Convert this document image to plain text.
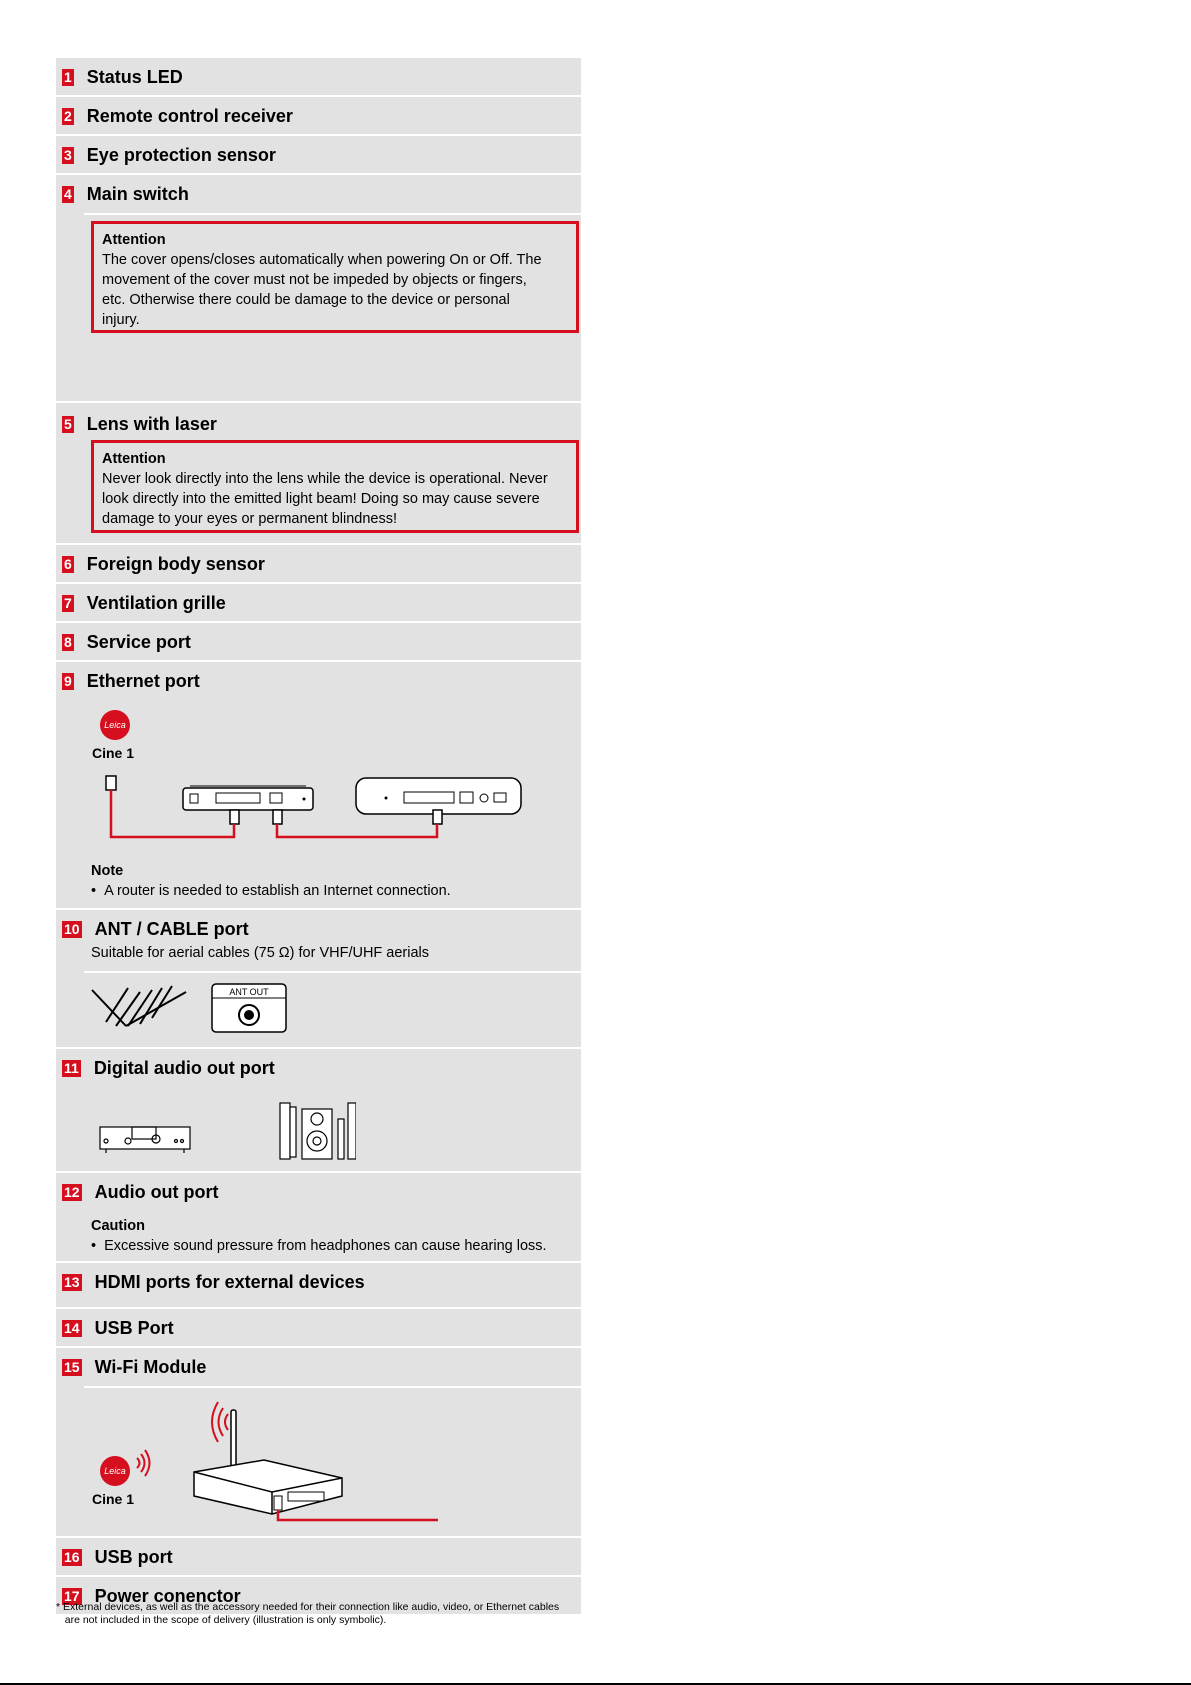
1 Status LED
2 Remote control receiver
3 Eye protection sensor
4 Main switch
Attention
The cover opens/closes automatically when powering On or Off. The
movement of the cover must not be impeded by objects or fingers,
etc. Otherwise there could be damage to the device or personal
injury.
5 Lens with laser
Attention
Never look directly into the lens while the device is operational. Never
look directly into the emitted light beam! Doing so may cause severe
damage to your eyes or permanent blindness!
6 Foreign body sensor
7 Ventilation grille
8 Service port
9 Ethernet port
Leica
Cine 1
Note
• A router is needed to establish an Internet connection.
10 ANT / CABLE port
Suitable for aerial cables (75 Ω) for VHF/UHF aerials
ANT OUT
11 Digital audio out port
12 Audio out port
Caution
• Excessive sound pressure from headphones can cause hearing loss.
13 HDMI ports for external devices
14 USB Port
15 Wi-Fi Module
Leica
Cine 1
16 USB port
17 Power conenctor
* External devices, as well as the accessory needed for their connection like audio, video, or Ethernet cables
are not included in the scope of delivery (illustration is only symbolic).
